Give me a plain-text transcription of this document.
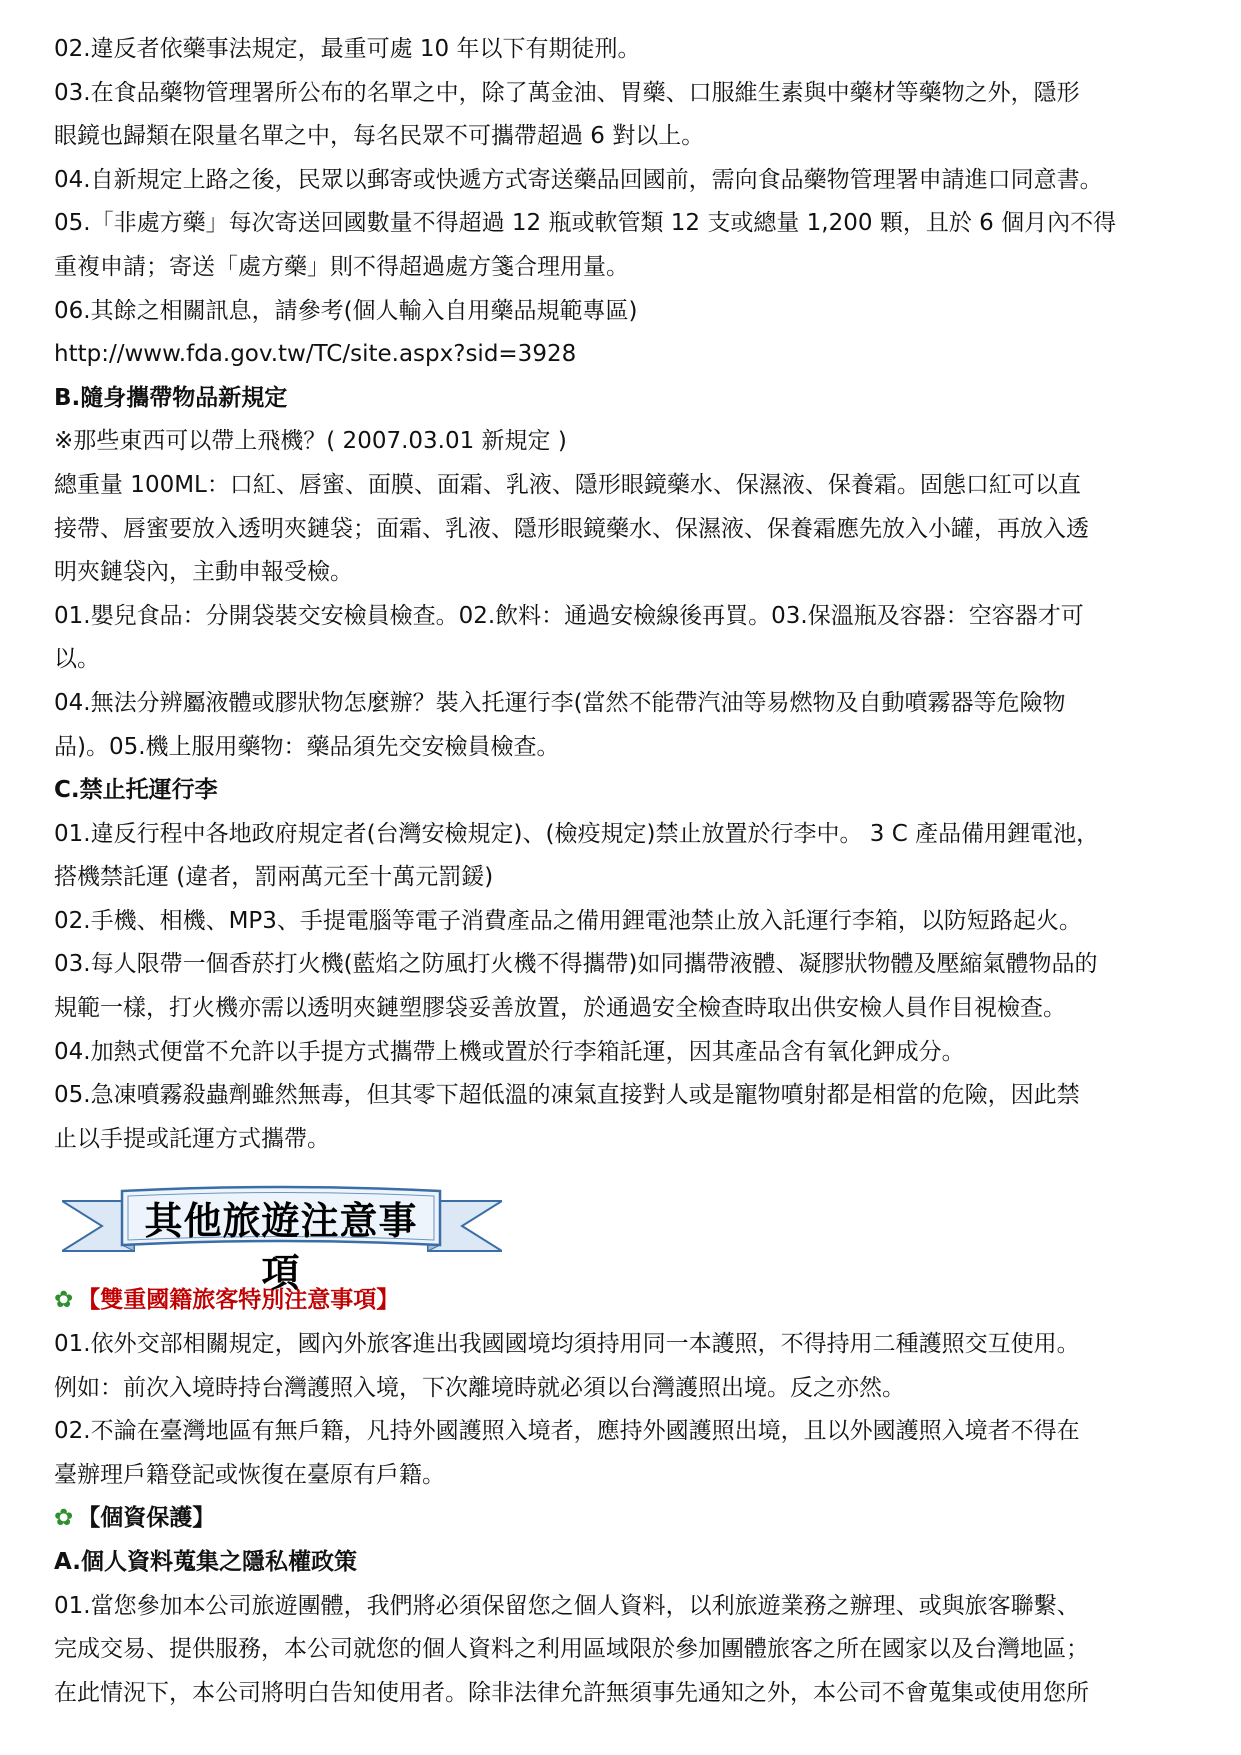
02.違反者依藥事法規定，最重可處 10 年以下有期徒刑。

03.在食品藥物管理署所公布的名單之中，除了萬金油、胃藥、口服維生素與中藥材等藥物之外，隱形

眼鏡也歸類在限量名單之中，每名民眾不可攜帶超過 6 對以上。

04.自新規定上路之後，民眾以郵寄或快遞方式寄送藥品回國前，需向食品藥物管理署申請進口同意書。

05.「非處方藥」每次寄送回國數量不得超過 12 瓶或軟管類 12 支或總量 1,200 顆，且於 6 個月內不得

重複申請；寄送「處方藥」則不得超過處方箋合理用量。

06.其餘之相關訊息，請參考(個人輸入自用藥品規範專區)

http://www.fda.gov.tw/TC/site.aspx?sid=3928

B.隨身攜帶物品新規定

※那些東西可以帶上飛機？( 2007.03.01 新規定 )

總重量 100ML：口紅、唇蜜、面膜、面霜、乳液、隱形眼鏡藥水、保濕液、保養霜。固態口紅可以直

接帶、唇蜜要放入透明夾鏈袋；面霜、乳液、隱形眼鏡藥水、保濕液、保養霜應先放入小罐，再放入透

明夾鏈袋內，主動申報受檢。

01.嬰兒食品：分開袋裝交安檢員檢查。02.飲料：通過安檢線後再買。03.保溫瓶及容器：空容器才可

以。

04.無法分辨屬液體或膠狀物怎麼辦？裝入托運行李(當然不能帶汽油等易燃物及自動噴霧器等危險物

品)。05.機上服用藥物：藥品須先交安檢員檢查。

C.禁止托運行李

01.違反行程中各地政府規定者(台灣安檢規定)、(檢疫規定)禁止放置於行李中。 3 C 產品備用鋰電池，

搭機禁託運 (違者，罰兩萬元至十萬元罰鍰)

02.手機、相機、MP3、手提電腦等電子消費產品之備用鋰電池禁止放入託運行李箱，以防短路起火。

03.每人限帶一個香菸打火機(藍焰之防風打火機不得攜帶)如同攜帶液體、凝膠狀物體及壓縮氣體物品的

規範一樣，打火機亦需以透明夾鏈塑膠袋妥善放置，於通過安全檢查時取出供安檢人員作目視檢查。

04.加熱式便當不允許以手提方式攜帶上機或置於行李箱託運，因其產品含有氧化鉀成分。

05.急凍噴霧殺蟲劑雖然無毒，但其零下超低溫的凍氣直接對人或是寵物噴射都是相當的危險，因此禁

止以手提或託運方式攜帶。

其他旅遊注意事項

✿ 【雙重國籍旅客特別注意事項】

01.依外交部相關規定，國內外旅客進出我國國境均須持用同一本護照，不得持用二種護照交互使用。

例如：前次入境時持台灣護照入境，下次離境時就必須以台灣護照出境。反之亦然。

02.不論在臺灣地區有無戶籍，凡持外國護照入境者，應持外國護照出境，且以外國護照入境者不得在

臺辦理戶籍登記或恢復在臺原有戶籍。

✿ 【個資保護】

A.個人資料蒐集之隱私權政策

01.當您參加本公司旅遊團體，我們將必須保留您之個人資料，以利旅遊業務之辦理、或與旅客聯繫、

完成交易、提供服務，本公司就您的個人資料之利用區域限於參加團體旅客之所在國家以及台灣地區；

在此情況下，本公司將明白告知使用者。除非法律允許無須事先通知之外，本公司不會蒐集或使用您所
